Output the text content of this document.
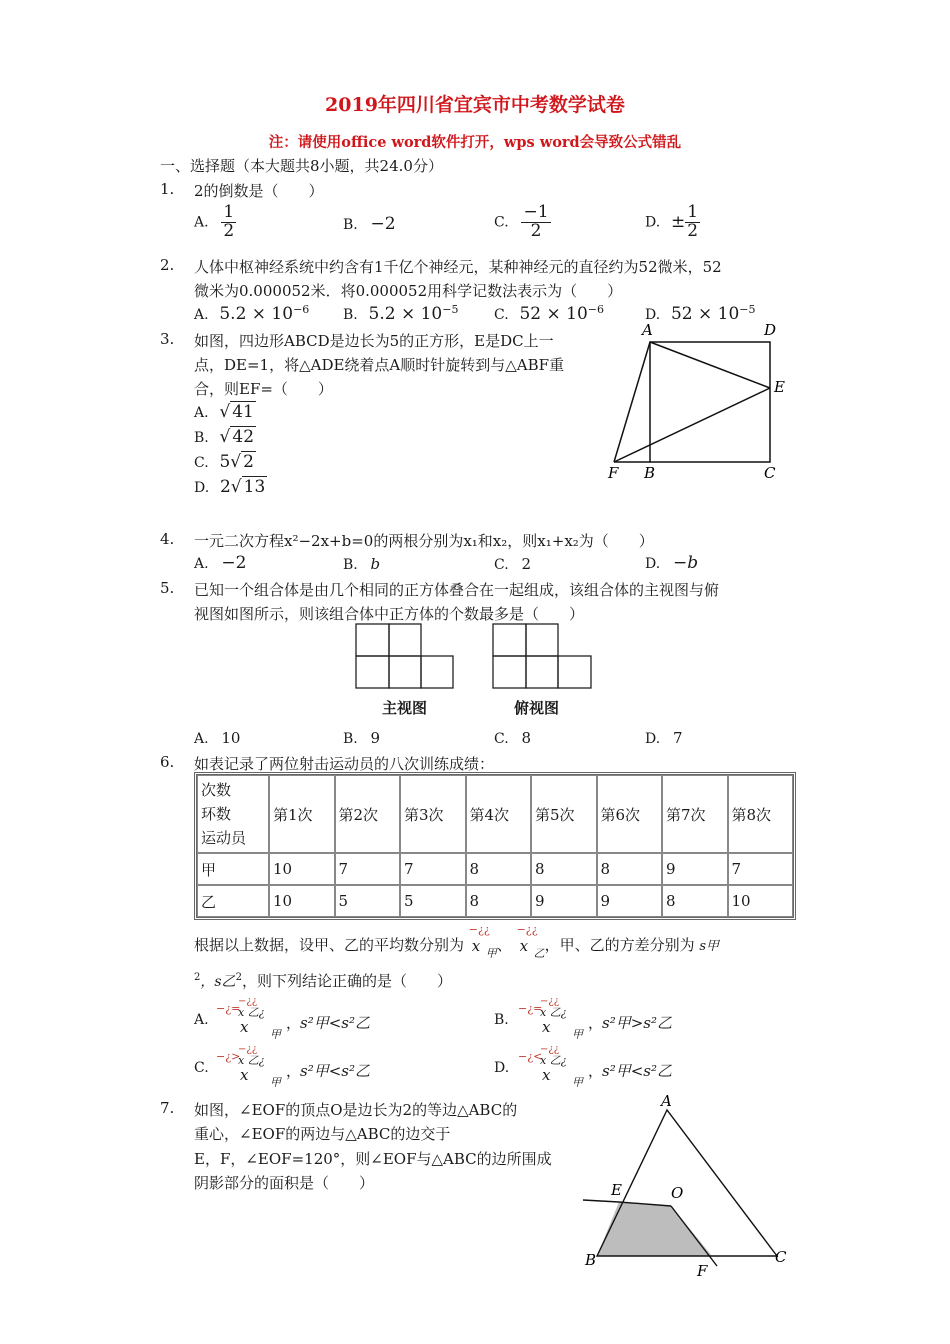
2019年四川省宜宾市中考数学试卷
注：请使用office word软件打开，wps word会导致公式错乱
一、选择题（本大题共8小题，共24.0分）
1. 2的倒数是（　　）
A. $\frac{1}{2}$	B. −2	C. $\frac{-1}{2}$	D. ± $\frac{1}{2}$
2. 人体中枢神经系统中约含有1千亿个神经元，某种神经元的直径约为52微米，52
微米为0.000052米．将0.000052用科学记数法表示为（　　）
A. $5.2 \times 10^{-6}$ B. $5.2 \times 10^{-5}$	C. $52 \times 10^{-6}$	D. $52 \times 10^{-5}$
3. 如图，四边形ABCD是边长为5的正方形，E是DC上一
点，DE=1，将△ADE绕着点A顺时针旋转到与△ABF重
合，则EF=（　　）
A. √ 41
B. √ 42
C. 5√ 2
D. 2√ 13
A	D
E
F B	C
4. 一元二次方程x²−2x+b=0的两根分别为x₁和x₂，则x₁+x₂为（　　）
A. −2	B. b	C. 2	D. −b
5. 已知一个组合体是由几个相同的正方体叠合在一起组成，该组合体的主视图与俯
视图如图所示，则该组合体中正方体的个数最多是（　　）
主视图	俯视图
A. 10	B. 9	C. 8	D. 7
6. 如表记录了两位射击运动员的八次训练成绩：
次数
环数
运动员	第1次	第2次	第3次	第4次	第5次	第6次	第7次	第8次
甲	10	7	7	8	8	8	9	7
乙	10	5	5	8	9	9	8	10
根据以上数据，设甲、乙的平均数分别为
−¿¿
x 甲 、
−¿¿
x 乙 ，甲、乙的方差分别为 s甲
$^2$，s乙$^2$，则下列结论正确的是（　　）
A.
−¿=
−¿¿
x 乙¿
x 甲
，
s²甲<s²乙	B.
−¿=
−¿¿
x 乙¿
x 甲
，
s²甲>s²乙
C.
−¿>
−¿¿
x 乙¿
x 甲
，
s²甲<s²乙	D.
−¿<
−¿¿
x 乙¿
x 甲
，
s²甲<s²乙
7. 如图，∠EOF的顶点O是边长为2的等边△ABC的
重心，∠EOF的两边与△ABC的边交于
E，F，∠EOF=120°，则∠EOF与△ABC的边所围成
阴影部分的面积是（　　）
A
B	C
E	O
F
